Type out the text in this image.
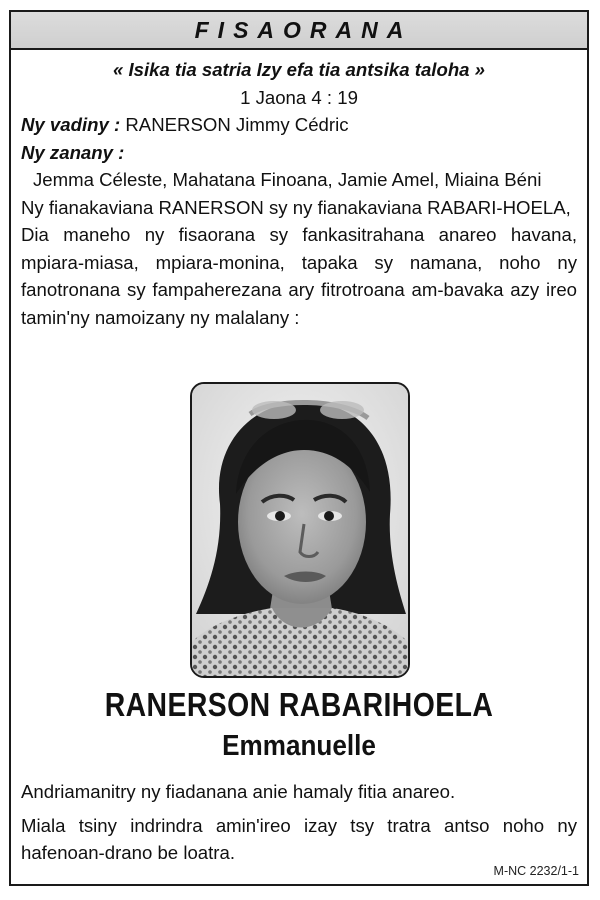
FISAORANA
« Isika tia satria Izy efa tia antsika taloha »
1 Jaona 4 : 19
Ny vadiny : RANERSON Jimmy Cédric
Ny zanany :
Jemma Céleste, Mahatana Finoana, Jamie Amel, Miaina Béni
Ny fianakaviana RANERSON sy ny fianakaviana RABARI-HOELA,
Dia maneho ny fisaorana sy fankasitrahana anareo havana, mpiara-miasa, mpiara-monina, tapaka sy namana, noho ny fanotronana sy fampaherezana ary fitrotroana am-bavaka azy ireo tamin'ny namoizany ny malalany :
RANERSON RABARIHOELA
Emmanuelle

Andriamanitry ny fiadanana anie hamaly fitia anareo.

Miala tsiny indrindra amin'ireo izay tsy tratra antso noho ny hafenoan-drano be loatra.

M-NC 2232/1-1
